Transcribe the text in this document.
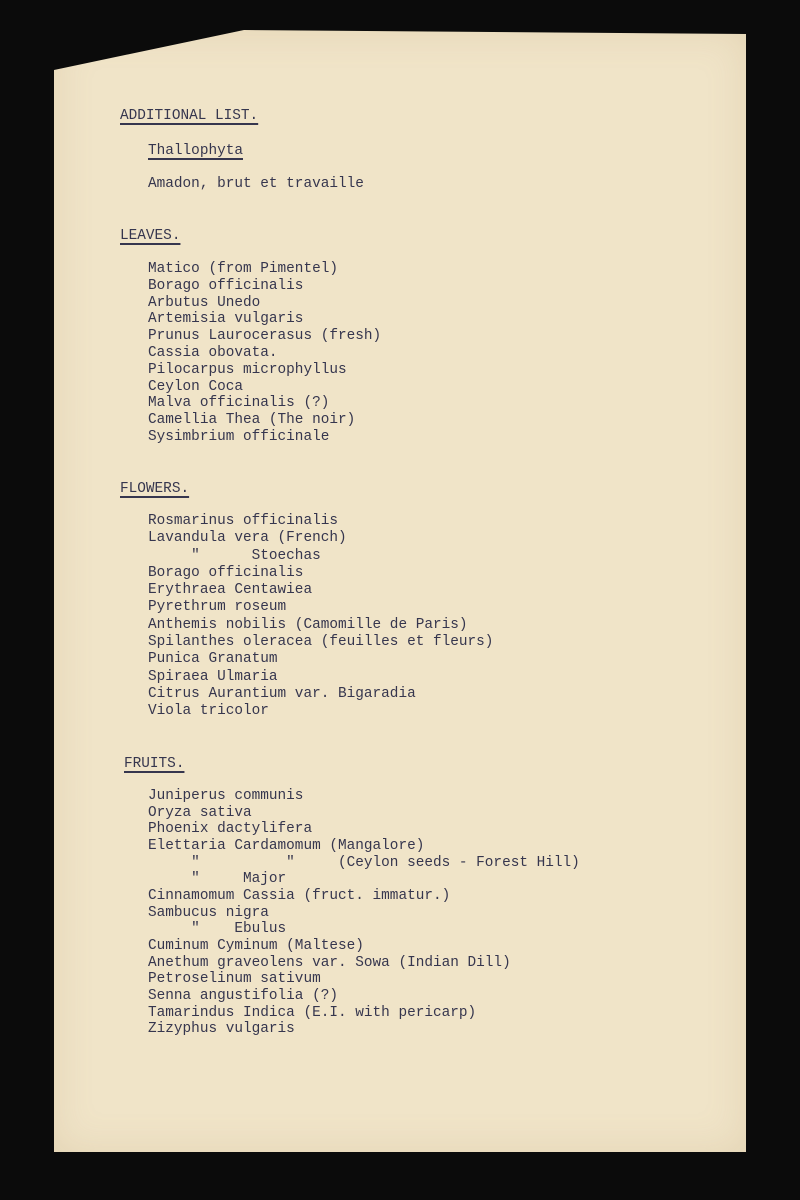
ADDITIONAL LIST.
Thallophyta
Amadon, brut et travaille
LEAVES.
Matico (from Pimentel)
Borago officinalis
Arbutus Unedo
Artemisia vulgaris
Prunus Laurocerasus (fresh)
Cassia obovata.
Pilocarpus microphyllus
Ceylon Coca
Malva officinalis (?)
Camellia Thea (The noir)
Sysimbrium officinale
FLOWERS.
Rosmarinus officinalis
Lavandula vera (French)
"      Stoechas
Borago officinalis
Erythraea Centawiea
Pyrethrum roseum
Anthemis nobilis (Camomille de Paris)
Spilanthes oleracea (feuilles et fleurs)
Punica Granatum
Spiraea Ulmaria
Citrus Aurantium var. Bigaradia
Viola tricolor
FRUITS.
Juniperus communis
Oryza sativa
Phoenix dactylifera
Elettaria Cardamomum (Mangalore)
"          "     (Ceylon seeds - Forest Hill)
"     Major
Cinnamomum Cassia (fruct. immatur.)
Sambucus nigra
"    Ebulus
Cuminum Cyminum (Maltese)
Anethum graveolens var. Sowa (Indian Dill)
Petroselinum sativum
Senna angustifolia (?)
Tamarindus Indica (E.I. with pericarp)
Zizyphus vulgaris
